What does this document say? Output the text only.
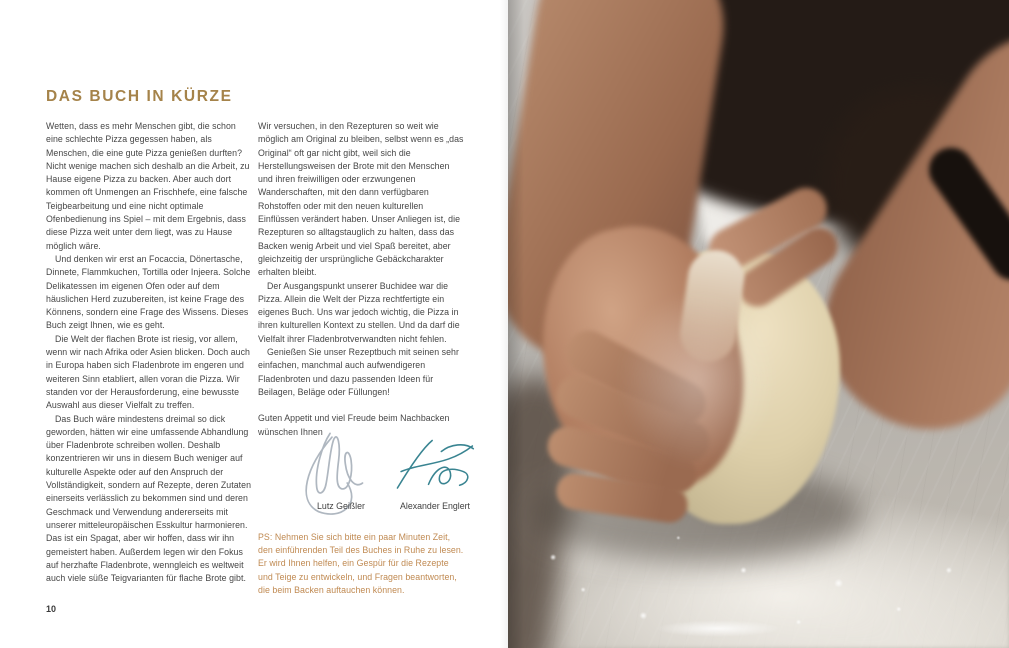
DAS BUCH IN KÜRZE

Wetten, dass es mehr Menschen gibt, die schon eine schlechte Pizza gegessen haben, als Menschen, die eine gute Pizza genießen durften? Nicht wenige machen sich deshalb an die Arbeit, zu Hause eigene Pizza zu backen. Aber auch dort kommen oft Unmengen an Frischhefe, eine falsche Teigbearbeitung und eine nicht optimale Ofenbedienung ins Spiel – mit dem Ergebnis, dass diese Pizza weit unter dem liegt, was zu Hause möglich wäre.

Und denken wir erst an Focaccia, Dönertasche, Dinnete, Flammkuchen, Tortilla oder Injeera. Solche Delikatessen im eigenen Ofen oder auf dem häuslichen Herd zuzubereiten, ist keine Frage des Könnens, sondern eine Frage des Wissens. Dieses Buch zeigt Ihnen, wie es geht.

Die Welt der flachen Brote ist riesig, vor allem, wenn wir nach Afrika oder Asien blicken. Doch auch in Europa haben sich Fladenbrote im engeren und weiteren Sinn etabliert, allen voran die Pizza. Wir standen vor der Herausforderung, eine bewusste Auswahl aus dieser Vielfalt zu treffen.

Das Buch wäre mindestens dreimal so dick geworden, hätten wir eine umfassende Abhandlung über Fladenbrote schreiben wollen. Deshalb konzentrieren wir uns in diesem Buch weniger auf kulturelle Aspekte oder auf den Anspruch der Vollständigkeit, sondern auf Rezepte, deren Zutaten einerseits verlässlich zu bekommen sind und deren Geschmack und Verwendung andererseits mit unserer mitteleuropäischen Esskultur harmonieren. Das ist ein Spagat, aber wir hoffen, dass wir ihn gemeistert haben. Außerdem legen wir den Fokus auf herzhafte Fladenbrote, wenngleich es weltweit auch viele süße Teigvarianten für flache Brote gibt.

Wir versuchen, in den Rezepturen so weit wie möglich am Original zu bleiben, selbst wenn es „das Original“ oft gar nicht gibt, weil sich die Herstellungsweisen der Brote mit den Menschen und ihren freiwilligen oder erzwungenen Wanderschaften, mit den dann verfügbaren Rohstoffen oder mit den neuen kulturellen Einflüssen verändert haben. Unser Anliegen ist, die Rezepturen so alltagstauglich zu halten, dass das Backen wenig Arbeit und viel Spaß bereitet, aber gleichzeitig der ursprüngliche Gebäckcharakter erhalten bleibt.

Der Ausgangspunkt unserer Buchidee war die Pizza. Allein die Welt der Pizza rechtfertigte ein eigenes Buch. Uns war jedoch wichtig, die Pizza in ihren kulturellen Kontext zu stellen. Und da darf die Vielfalt ihrer Fladenbrotverwandten nicht fehlen.

Genießen Sie unser Rezeptbuch mit seinen sehr einfachen, manchmal auch aufwendigeren Fladenbroten und dazu passenden Ideen für Beilagen, Beläge oder Füllungen!

Guten Appetit und viel Freude beim Nachbacken wünschen Ihnen

Lutz Geißler	Alexander Englert

PS: Nehmen Sie sich bitte ein paar Minuten Zeit, den einführenden Teil des Buches in Ruhe zu lesen. Er wird Ihnen helfen, ein Gespür für die Rezepte und Teige zu entwickeln, und Fragen beantworten, die beim Backen auftauchen können.

10
